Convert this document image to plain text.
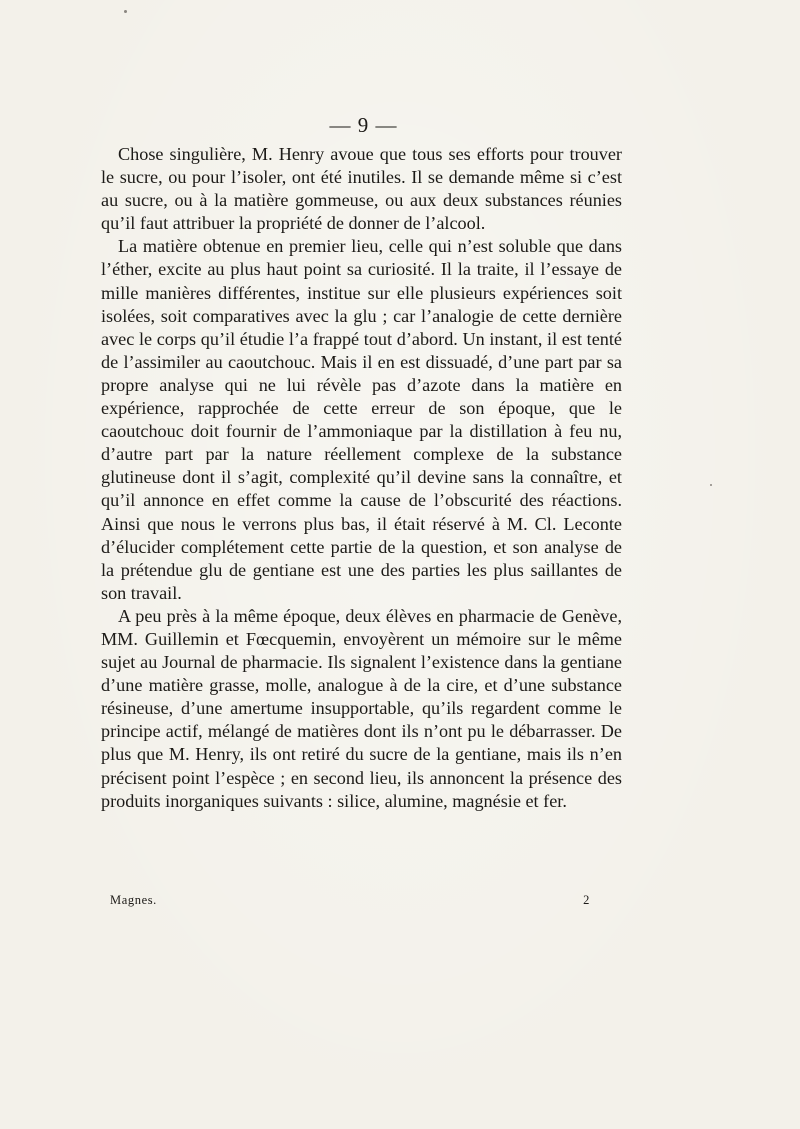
— 9 —

Chose singulière, M. Henry avoue que tous ses efforts pour trouver le sucre, ou pour l’isoler, ont été inutiles. Il se demande même si c’est au sucre, ou à la matière gommeuse, ou aux deux substances réunies qu’il faut attribuer la propriété de donner de l’alcool.

La matière obtenue en premier lieu, celle qui n’est soluble que dans l’éther, excite au plus haut point sa curiosité. Il la traite, il l’essaye de mille manières différentes, institue sur elle plusieurs expériences soit isolées, soit comparatives avec la glu ; car l’analogie de cette dernière avec le corps qu’il étudie l’a frappé tout d’abord. Un instant, il est tenté de l’assimiler au caoutchouc. Mais il en est dissuadé, d’une part par sa propre analyse qui ne lui révèle pas d’azote dans la matière en expérience, rapprochée de cette erreur de son époque, que le caoutchouc doit fournir de l’ammoniaque par la distillation à feu nu, d’autre part par la nature réellement complexe de la substance glutineuse dont il s’agit, complexité qu’il devine sans la connaître, et qu’il annonce en effet comme la cause de l’obscurité des réactions. Ainsi que nous le verrons plus bas, il était réservé à M. Cl. Leconte d’élucider complétement cette partie de la question, et son analyse de la prétendue glu de gentiane est une des parties les plus saillantes de son travail.

A peu près à la même époque, deux élèves en pharmacie de Genève, MM. Guillemin et Fœcquemin, envoyèrent un mémoire sur le même sujet au Journal de pharmacie. Ils signalent l’existence dans la gentiane d’une matière grasse, molle, analogue à de la cire, et d’une substance résineuse, d’une amertume insupportable, qu’ils regardent comme le principe actif, mélangé de matières dont ils n’ont pu le débarrasser. De plus que M. Henry, ils ont retiré du sucre de la gentiane, mais ils n’en précisent point l’espèce ; en second lieu, ils annoncent la présence des produits inorganiques suivants : silice, alumine, magnésie et fer.

Magnes.	2
